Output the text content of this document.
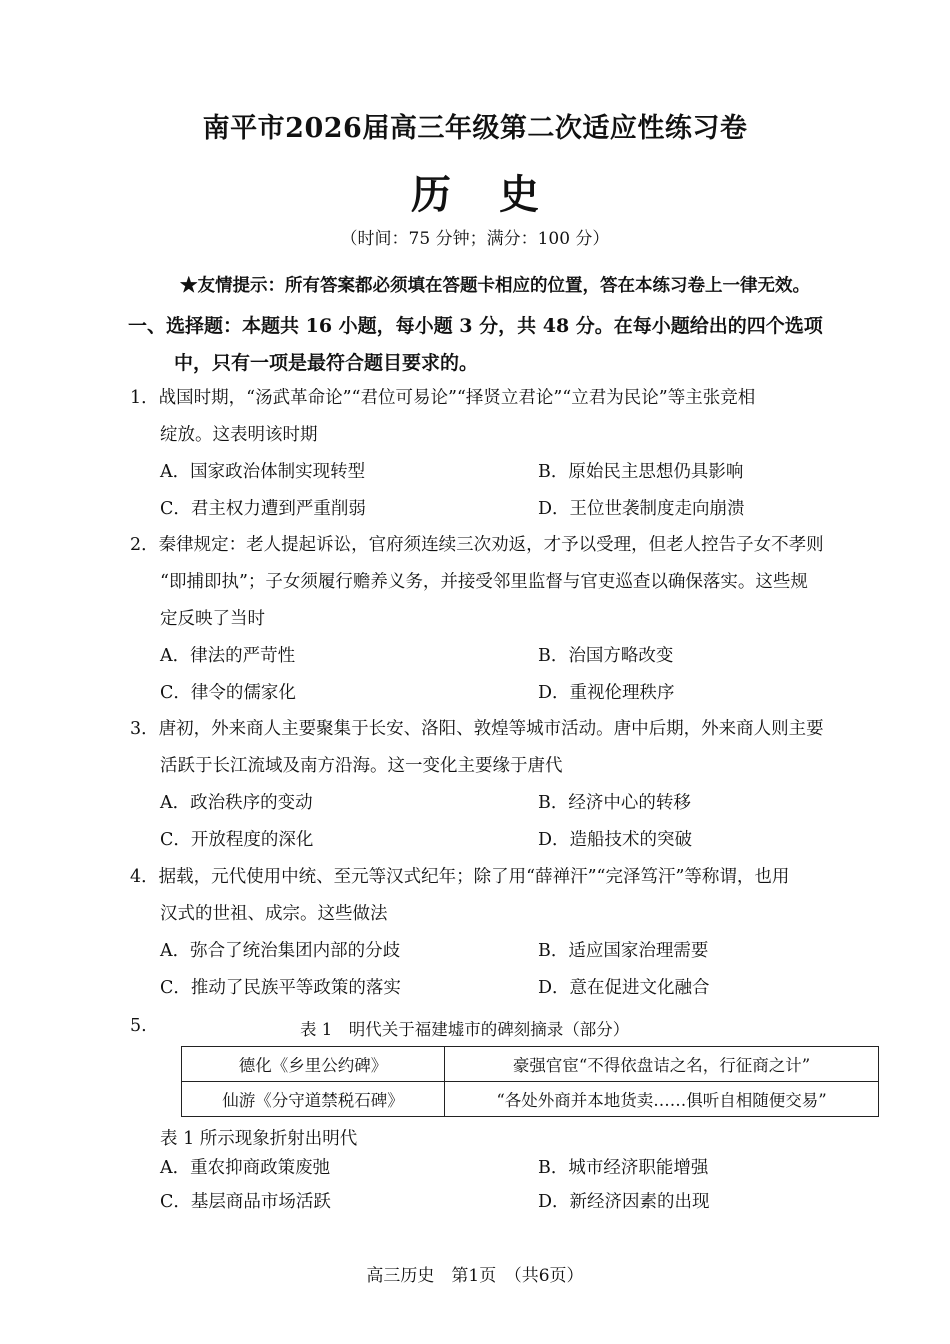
南平市2026届高三年级第二次适应性练习卷
历史
（时间：75 分钟；满分：100 分）
★友情提示：所有答案都必须填在答题卡相应的位置，答在本练习卷上一律无效。
一、选择题：本题共 16 小题，每小题 3 分，共 48 分。在每小题给出的四个选项
中，只有一项是最符合题目要求的。
1．战国时期，“汤武革命论”“君位可易论”“择贤立君论”“立君为民论”等主张竞相
绽放。这表明该时期
A．国家政治体制实现转型	B．原始民主思想仍具影响
C．君主权力遭到严重削弱	D．王位世袭制度走向崩溃
2．秦律规定：老人提起诉讼，官府须连续三次劝返，才予以受理，但老人控告子女不孝则
“即捕即执”；子女须履行赡养义务，并接受邻里监督与官吏巡查以确保落实。这些规
定反映了当时
A．律法的严苛性	B．治国方略改变
C．律令的儒家化	D．重视伦理秩序
3．唐初，外来商人主要聚集于长安、洛阳、敦煌等城市活动。唐中后期，外来商人则主要
活跃于长江流域及南方沿海。这一变化主要缘于唐代
A．政治秩序的变动	B．经济中心的转移
C．开放程度的深化	D．造船技术的突破
4．据载，元代使用中统、至元等汉式纪年；除了用“薛禅汗”“完泽笃汗”等称谓，也用
汉式的世祖、成宗。这些做法
A．弥合了统治集团内部的分歧	B．适应国家治理需要
C．推动了民族平等政策的落实	D．意在促进文化融合
5.	表 1　明代关于福建墟市的碑刻摘录（部分）
德化《乡里公约碑》	豪强官宦“不得依盘诘之名，行征商之计”
仙游《分守道禁税石碑》	“各处外商并本地货卖……俱听自相随便交易”
表 1 所示现象折射出明代
A．重农抑商政策废弛	B．城市经济职能增强
C．基层商品市场活跃	D．新经济因素的出现
高三历史　第1页　（共6页）
